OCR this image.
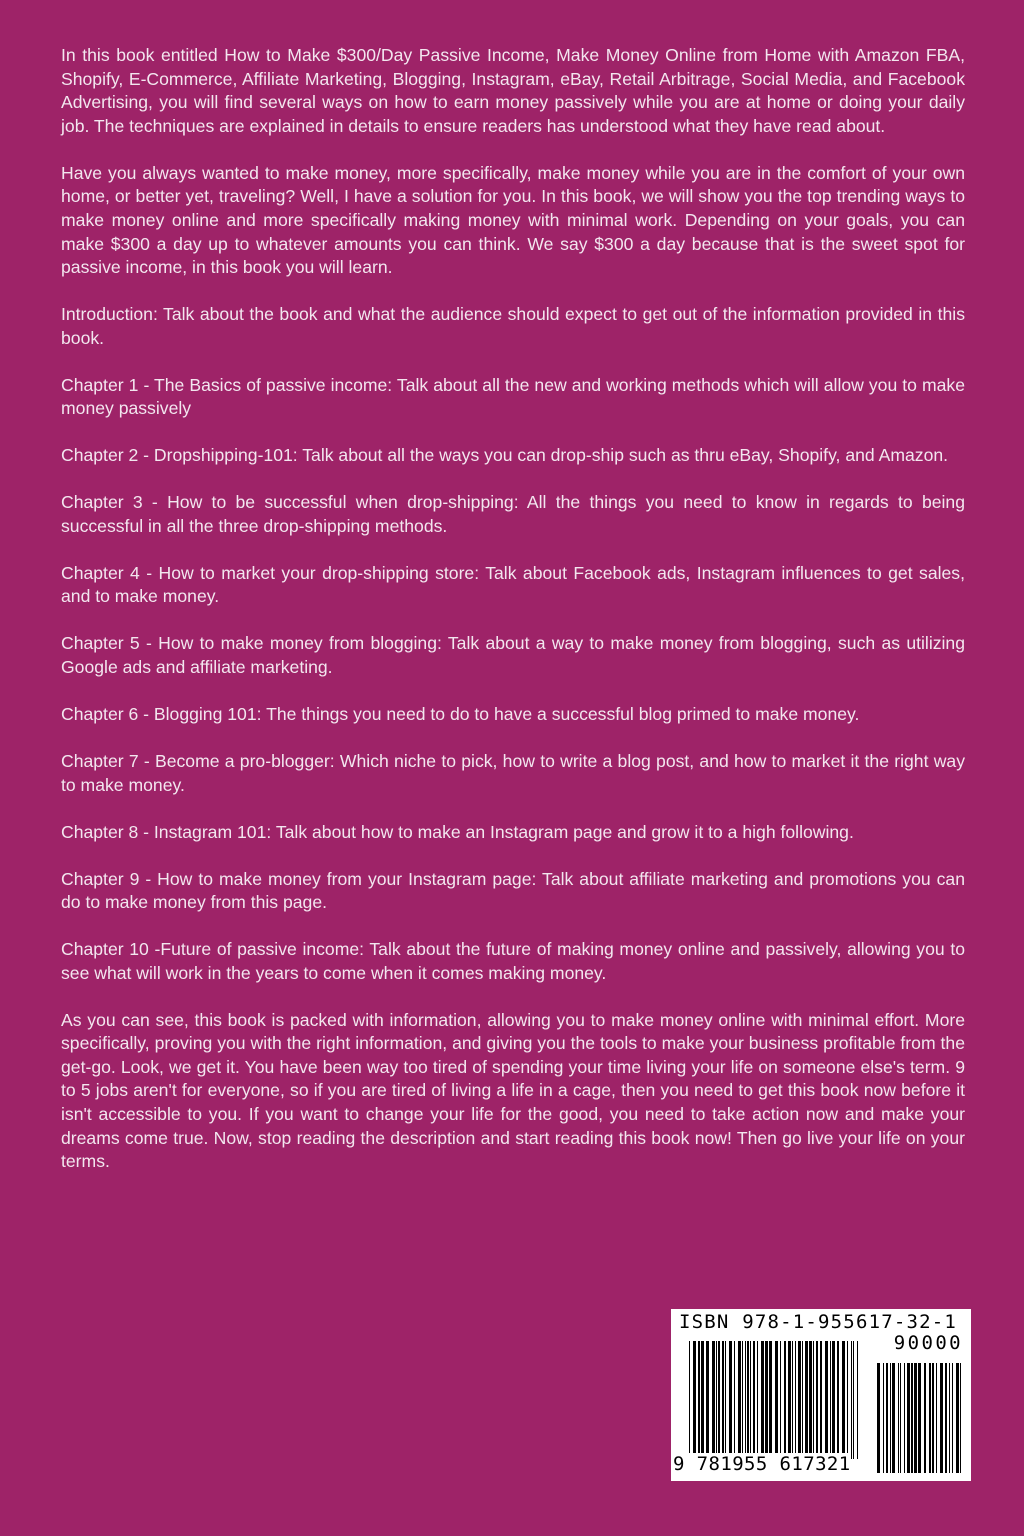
In this book entitled How to Make $300/Day Passive Income, Make Money Online from Home with Amazon FBA, Shopify, E-Commerce, Affiliate Marketing, Blogging, Instagram, eBay, Retail Arbitrage, Social Media, and Facebook Advertising, you will find several ways on how to earn money passively while you are at home or doing your daily job. The techniques are explained in details to ensure readers has understood what they have read about.

Have you always wanted to make money, more specifically, make money while you are in the comfort of your own home, or better yet, traveling? Well, I have a solution for you. In this book, we will show you the top trending ways to make money online and more specifically making money with minimal work. Depending on your goals, you can make $300 a day up to whatever amounts you can think. We say $300 a day because that is the sweet spot for passive income, in this book you will learn.

Introduction: Talk about the book and what the audience should expect to get out of the information provided in this book.

Chapter 1 - The Basics of passive income: Talk about all the new and working methods which will allow you to make money passively

Chapter 2 - Dropshipping-101: Talk about all the ways you can drop-ship such as thru eBay, Shopify, and Amazon.

Chapter 3 - How to be successful when drop-shipping: All the things you need to know in regards to being successful in all the three drop-shipping methods.

Chapter 4 - How to market your drop-shipping store: Talk about Facebook ads, Instagram influences to get sales, and to make money.

Chapter 5 - How to make money from blogging: Talk about a way to make money from blogging, such as utilizing Google ads and affiliate marketing.

Chapter 6 - Blogging 101: The things you need to do to have a successful blog primed to make money.

Chapter 7 - Become a pro-blogger: Which niche to pick, how to write a blog post, and how to market it the right way to make money.

Chapter 8 - Instagram 101: Talk about how to make an Instagram page and grow it to a high following.

Chapter 9 - How to make money from your Instagram page: Talk about affiliate marketing and promotions you can do to make money from this page.

Chapter 10 -Future of passive income: Talk about the future of making money online and passively, allowing you to see what will work in the years to come when it comes making money.

As you can see, this book is packed with information, allowing you to make money online with minimal effort. More specifically, proving you with the right information, and giving you the tools to make your business profitable from the get-go. Look, we get it. You have been way too tired of spending your time living your life on someone else's term. 9 to 5 jobs aren't for everyone, so if you are tired of living a life in a cage, then you need to get this book now before it isn't accessible to you. If you want to change your life for the good, you need to take action now and make your dreams come true. Now, stop reading the description and start reading this book now! Then go live your life on your terms.

ISBN 978-1-955617-32-1
90000
9 781955 617321
